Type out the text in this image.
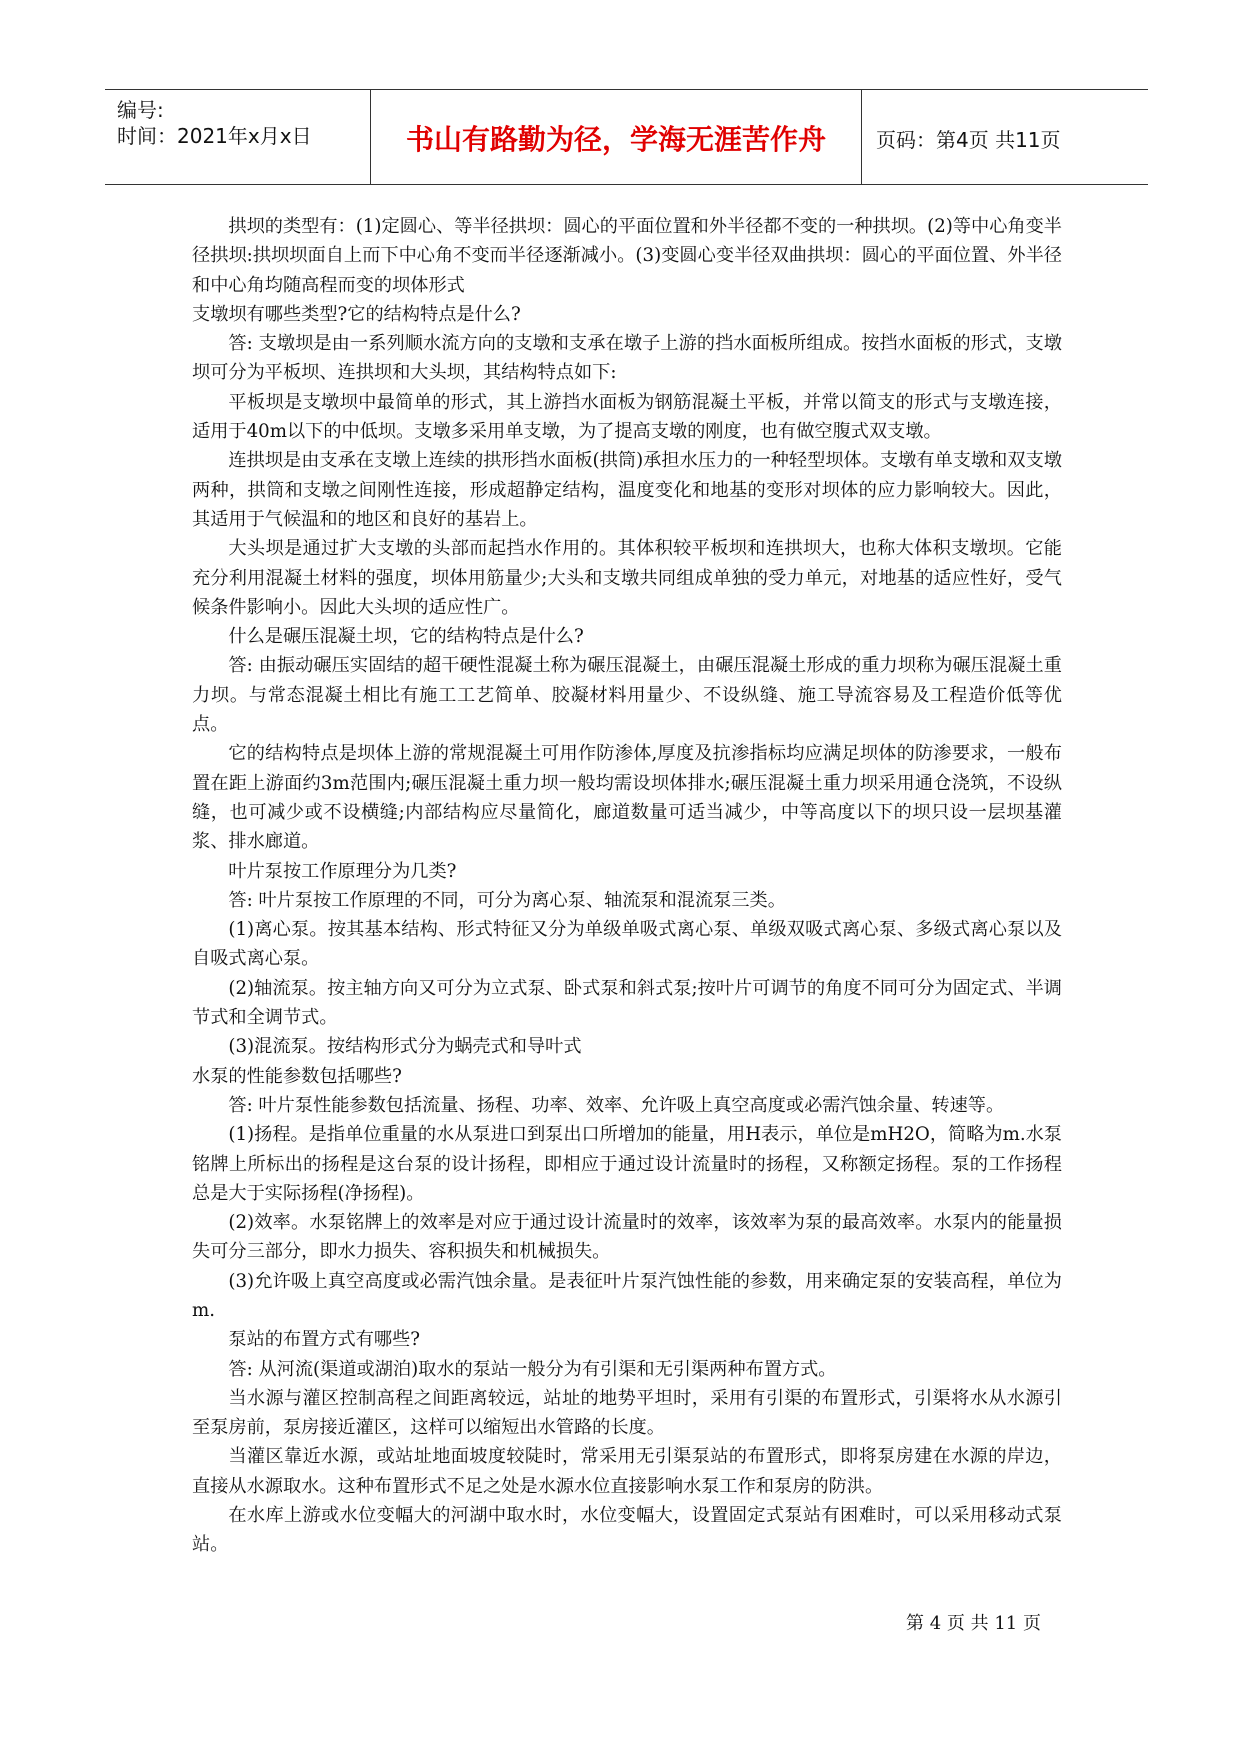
编号:
时间：2021年x月x日	书山有路勤为径，学海无涯苦作舟	页码：第4页 共11页

拱坝的类型有：(1)定圆心、等半径拱坝：圆心的平面位置和外半径都不变的一种拱坝。(2)等中心角变半径拱坝:拱坝坝面自上而下中心角不变而半径逐渐减小。(3)变圆心变半径双曲拱坝：圆心的平面位置、外半径和中心角均随高程而变的坝体形式

支墩坝有哪些类型?它的结构特点是什么?

答: 支墩坝是由一系列顺水流方向的支墩和支承在墩子上游的挡水面板所组成。按挡水面板的形式，支墩坝可分为平板坝、连拱坝和大头坝，其结构特点如下:

平板坝是支墩坝中最简单的形式，其上游挡水面板为钢筋混凝土平板，并常以简支的形式与支墩连接，适用于40m以下的中低坝。支墩多采用单支墩，为了提高支墩的刚度，也有做空腹式双支墩。

连拱坝是由支承在支墩上连续的拱形挡水面板(拱筒)承担水压力的一种轻型坝体。支墩有单支墩和双支墩两种，拱筒和支墩之间刚性连接，形成超静定结构，温度变化和地基的变形对坝体的应力影响较大。因此，其适用于气候温和的地区和良好的基岩上。

大头坝是通过扩大支墩的头部而起挡水作用的。其体积较平板坝和连拱坝大，也称大体积支墩坝。它能充分利用混凝土材料的强度，坝体用筋量少;大头和支墩共同组成单独的受力单元，对地基的适应性好，受气候条件影响小。因此大头坝的适应性广。

什么是碾压混凝土坝，它的结构特点是什么?

答: 由振动碾压实固结的超干硬性混凝土称为碾压混凝土，由碾压混凝土形成的重力坝称为碾压混凝土重力坝。与常态混凝土相比有施工工艺简单、胶凝材料用量少、不设纵缝、施工导流容易及工程造价低等优点。

它的结构特点是坝体上游的常规混凝土可用作防渗体,厚度及抗渗指标均应满足坝体的防渗要求，一般布置在距上游面约3m范围内;碾压混凝土重力坝一般均需设坝体排水;碾压混凝土重力坝采用通仓浇筑，不设纵缝，也可减少或不设横缝;内部结构应尽量简化，廊道数量可适当减少，中等高度以下的坝只设一层坝基灌浆、排水廊道。

叶片泵按工作原理分为几类?

答: 叶片泵按工作原理的不同，可分为离心泵、轴流泵和混流泵三类。

(1)离心泵。按其基本结构、形式特征又分为单级单吸式离心泵、单级双吸式离心泵、多级式离心泵以及自吸式离心泵。

(2)轴流泵。按主轴方向又可分为立式泵、卧式泵和斜式泵;按叶片可调节的角度不同可分为固定式、半调节式和全调节式。

(3)混流泵。按结构形式分为蜗壳式和导叶式

水泵的性能参数包括哪些?

答: 叶片泵性能参数包括流量、扬程、功率、效率、允许吸上真空高度或必需汽蚀余量、转速等。

(1)扬程。是指单位重量的水从泵进口到泵出口所增加的能量，用H表示，单位是mH2O，简略为m.水泵铭牌上所标出的扬程是这台泵的设计扬程，即相应于通过设计流量时的扬程，又称额定扬程。泵的工作扬程总是大于实际扬程(净扬程)。

(2)效率。水泵铭牌上的效率是对应于通过设计流量时的效率，该效率为泵的最高效率。水泵内的能量损失可分三部分，即水力损失、容积损失和机械损失。

(3)允许吸上真空高度或必需汽蚀余量。是表征叶片泵汽蚀性能的参数，用来确定泵的安装高程，单位为m.

泵站的布置方式有哪些?

答: 从河流(渠道或湖泊)取水的泵站一般分为有引渠和无引渠两种布置方式。

当水源与灌区控制高程之间距离较远，站址的地势平坦时，采用有引渠的布置形式，引渠将水从水源引至泵房前，泵房接近灌区，这样可以缩短出水管路的长度。

当灌区靠近水源，或站址地面坡度较陡时，常采用无引渠泵站的布置形式，即将泵房建在水源的岸边，直接从水源取水。这种布置形式不足之处是水源水位直接影响水泵工作和泵房的防洪。

在水库上游或水位变幅大的河湖中取水时，水位变幅大，设置固定式泵站有困难时，可以采用移动式泵站。

第 4 页 共 11 页
